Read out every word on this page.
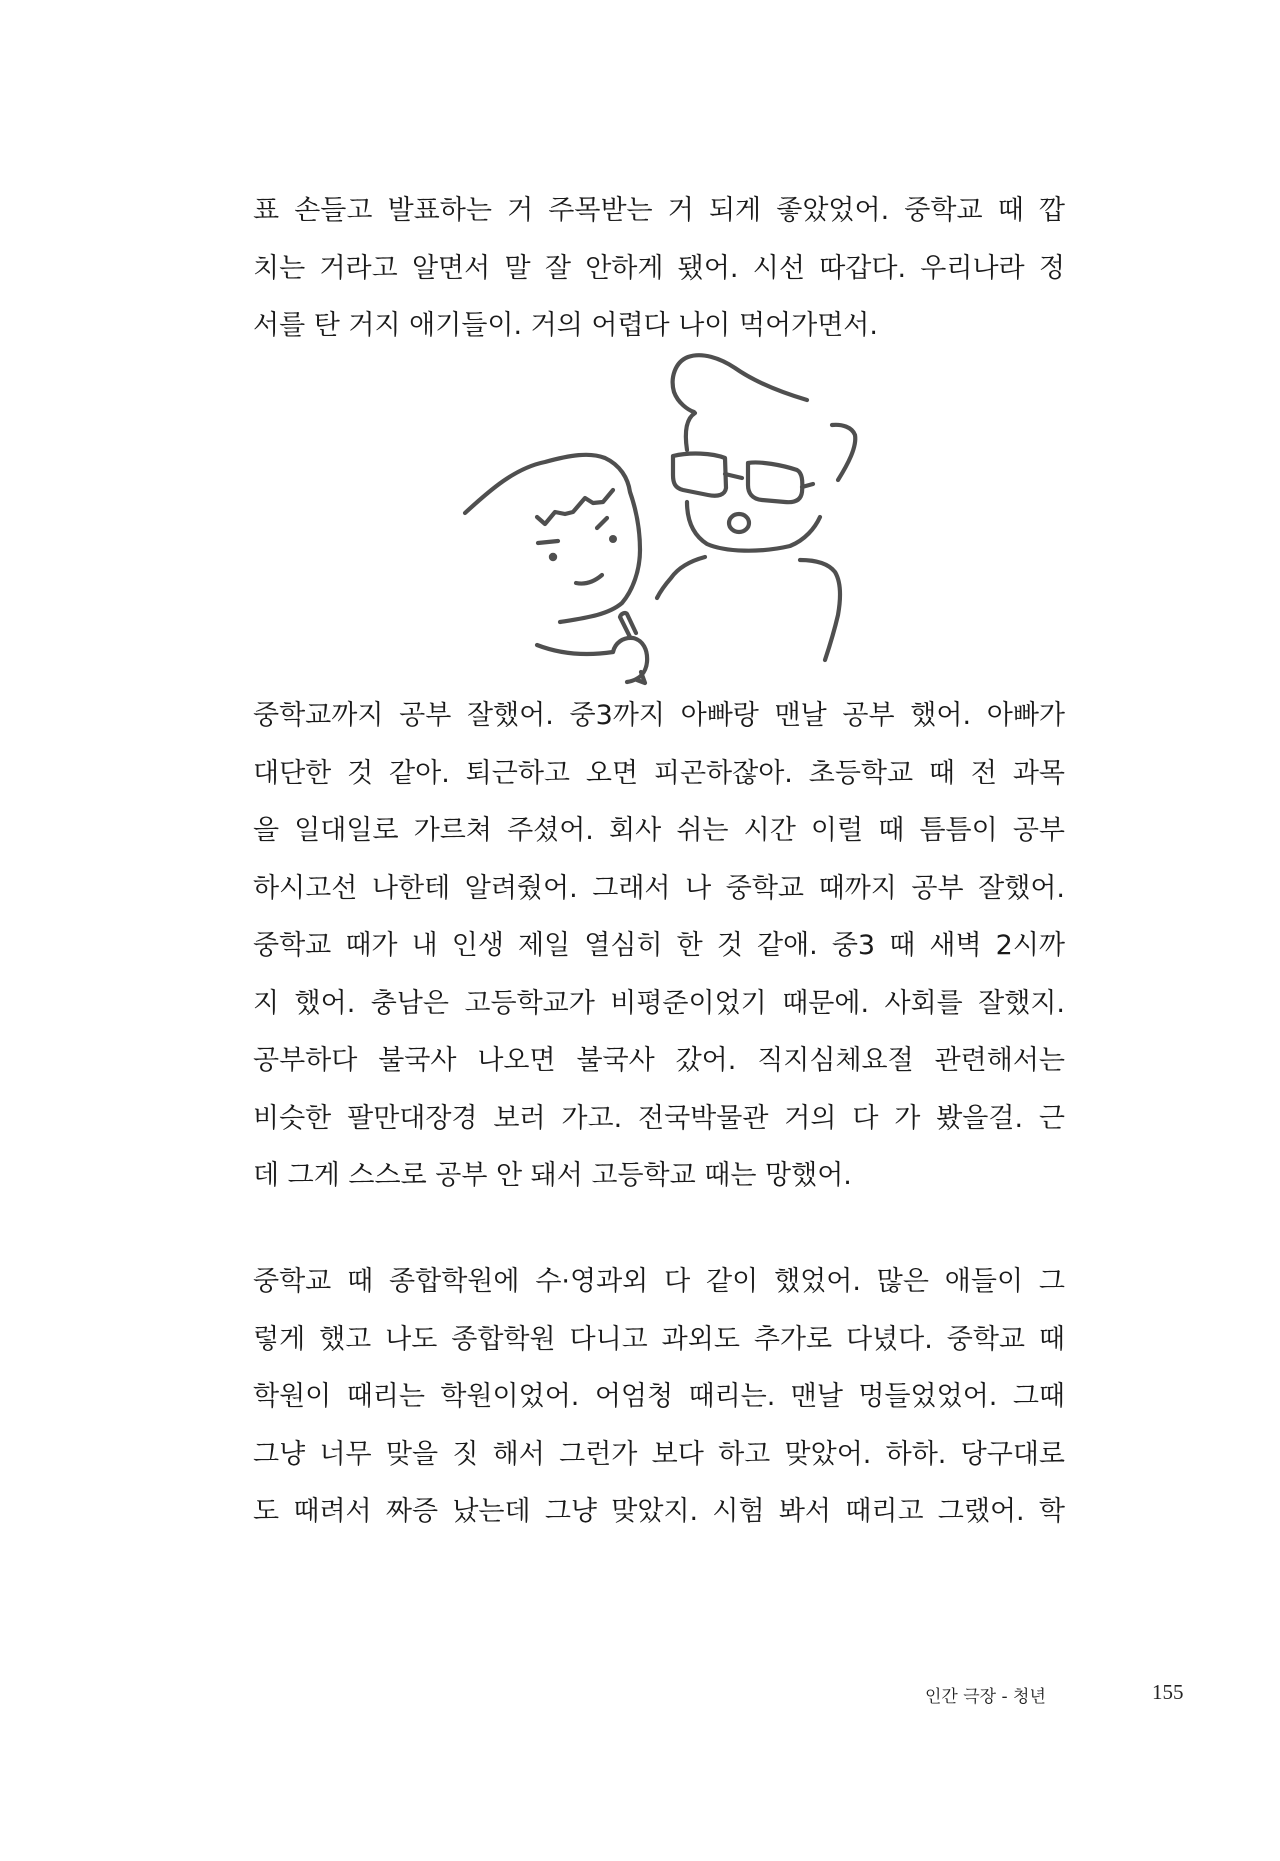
표 손들고 발표하는 거 주목받는 거 되게 좋았었어. 중학교 때 깝
치는 거라고 알면서 말 잘 안하게 됐어. 시선 따갑다. 우리나라 정
서를 탄 거지 애기들이. 거의 어렵다 나이 먹어가면서.
중학교까지 공부 잘했어. 중3까지 아빠랑 맨날 공부 했어. 아빠가
대단한 것 같아. 퇴근하고 오면 피곤하잖아. 초등학교 때 전 과목
을 일대일로 가르쳐 주셨어. 회사 쉬는 시간 이럴 때 틈틈이 공부
하시고선 나한테 알려줬어. 그래서 나 중학교 때까지 공부 잘했어.
중학교 때가 내 인생 제일 열심히 한 것 같애. 중3 때 새벽 2시까
지 했어. 충남은 고등학교가 비평준이었기 때문에. 사회를 잘했지.
공부하다 불국사 나오면 불국사 갔어. 직지심체요절 관련해서는
비슷한 팔만대장경 보러 가고. 전국박물관 거의 다 가 봤을걸. 근
데 그게 스스로 공부 안 돼서 고등학교 때는 망했어.
중학교 때 종합학원에 수·영과외 다 같이 했었어. 많은 애들이 그
렇게 했고 나도 종합학원 다니고 과외도 추가로 다녔다. 중학교 때
학원이 때리는 학원이었어. 어엄청 때리는. 맨날 멍들었었어. 그때
그냥 너무 맞을 짓 해서 그런가 보다 하고 맞았어. 하하. 당구대로
도 때려서 짜증 났는데 그냥 맞았지. 시험 봐서 때리고 그랬어. 학
인간 극장 - 청년	155
